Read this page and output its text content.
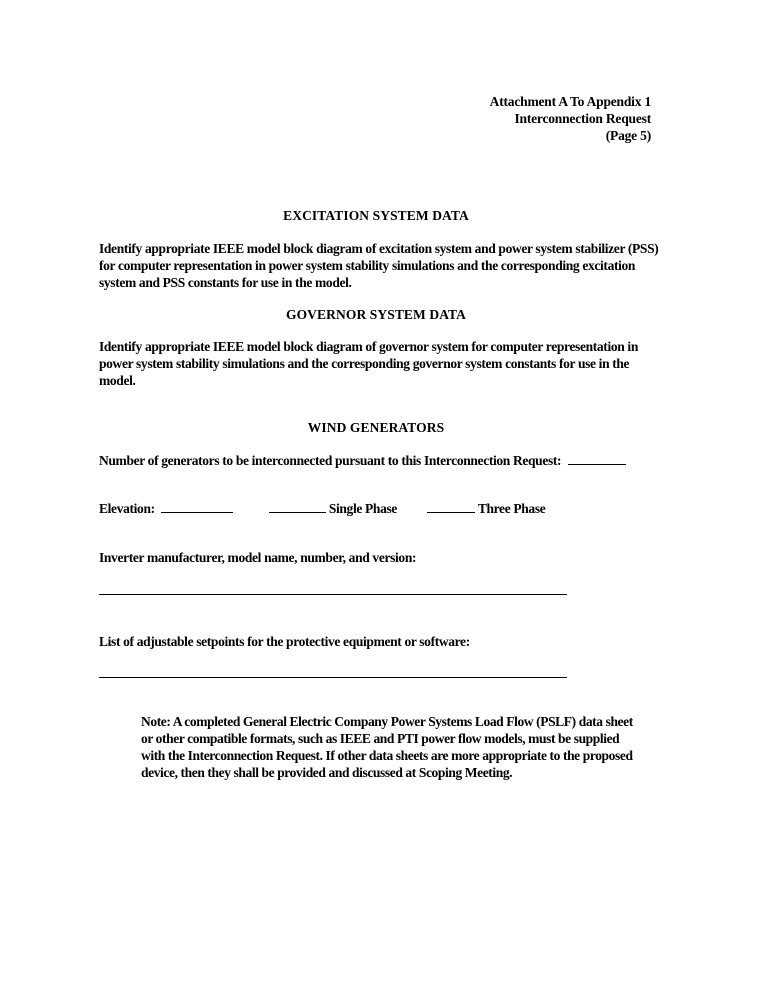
Attachment A To Appendix 1
Interconnection Request
(Page 5)
EXCITATION SYSTEM DATA
Identify appropriate IEEE model block diagram of excitation system and power system stabilizer (PSS) for computer representation in power system stability simulations and the corresponding excitation system and PSS constants for use in the model.
GOVERNOR SYSTEM DATA
Identify appropriate IEEE model block diagram of governor system for computer representation in power system stability simulations and the corresponding governor system constants for use in the model.
WIND GENERATORS
Number of generators to be interconnected pursuant to this Interconnection Request:
Elevation:	Single Phase	Three Phase
Inverter manufacturer, model name, number, and version:
List of adjustable setpoints for the protective equipment or software:
Note: A completed General Electric Company Power Systems Load Flow (PSLF) data sheet or other compatible formats, such as IEEE and PTI power flow models, must be supplied with the Interconnection Request. If other data sheets are more appropriate to the proposed device, then they shall be provided and discussed at Scoping Meeting.
